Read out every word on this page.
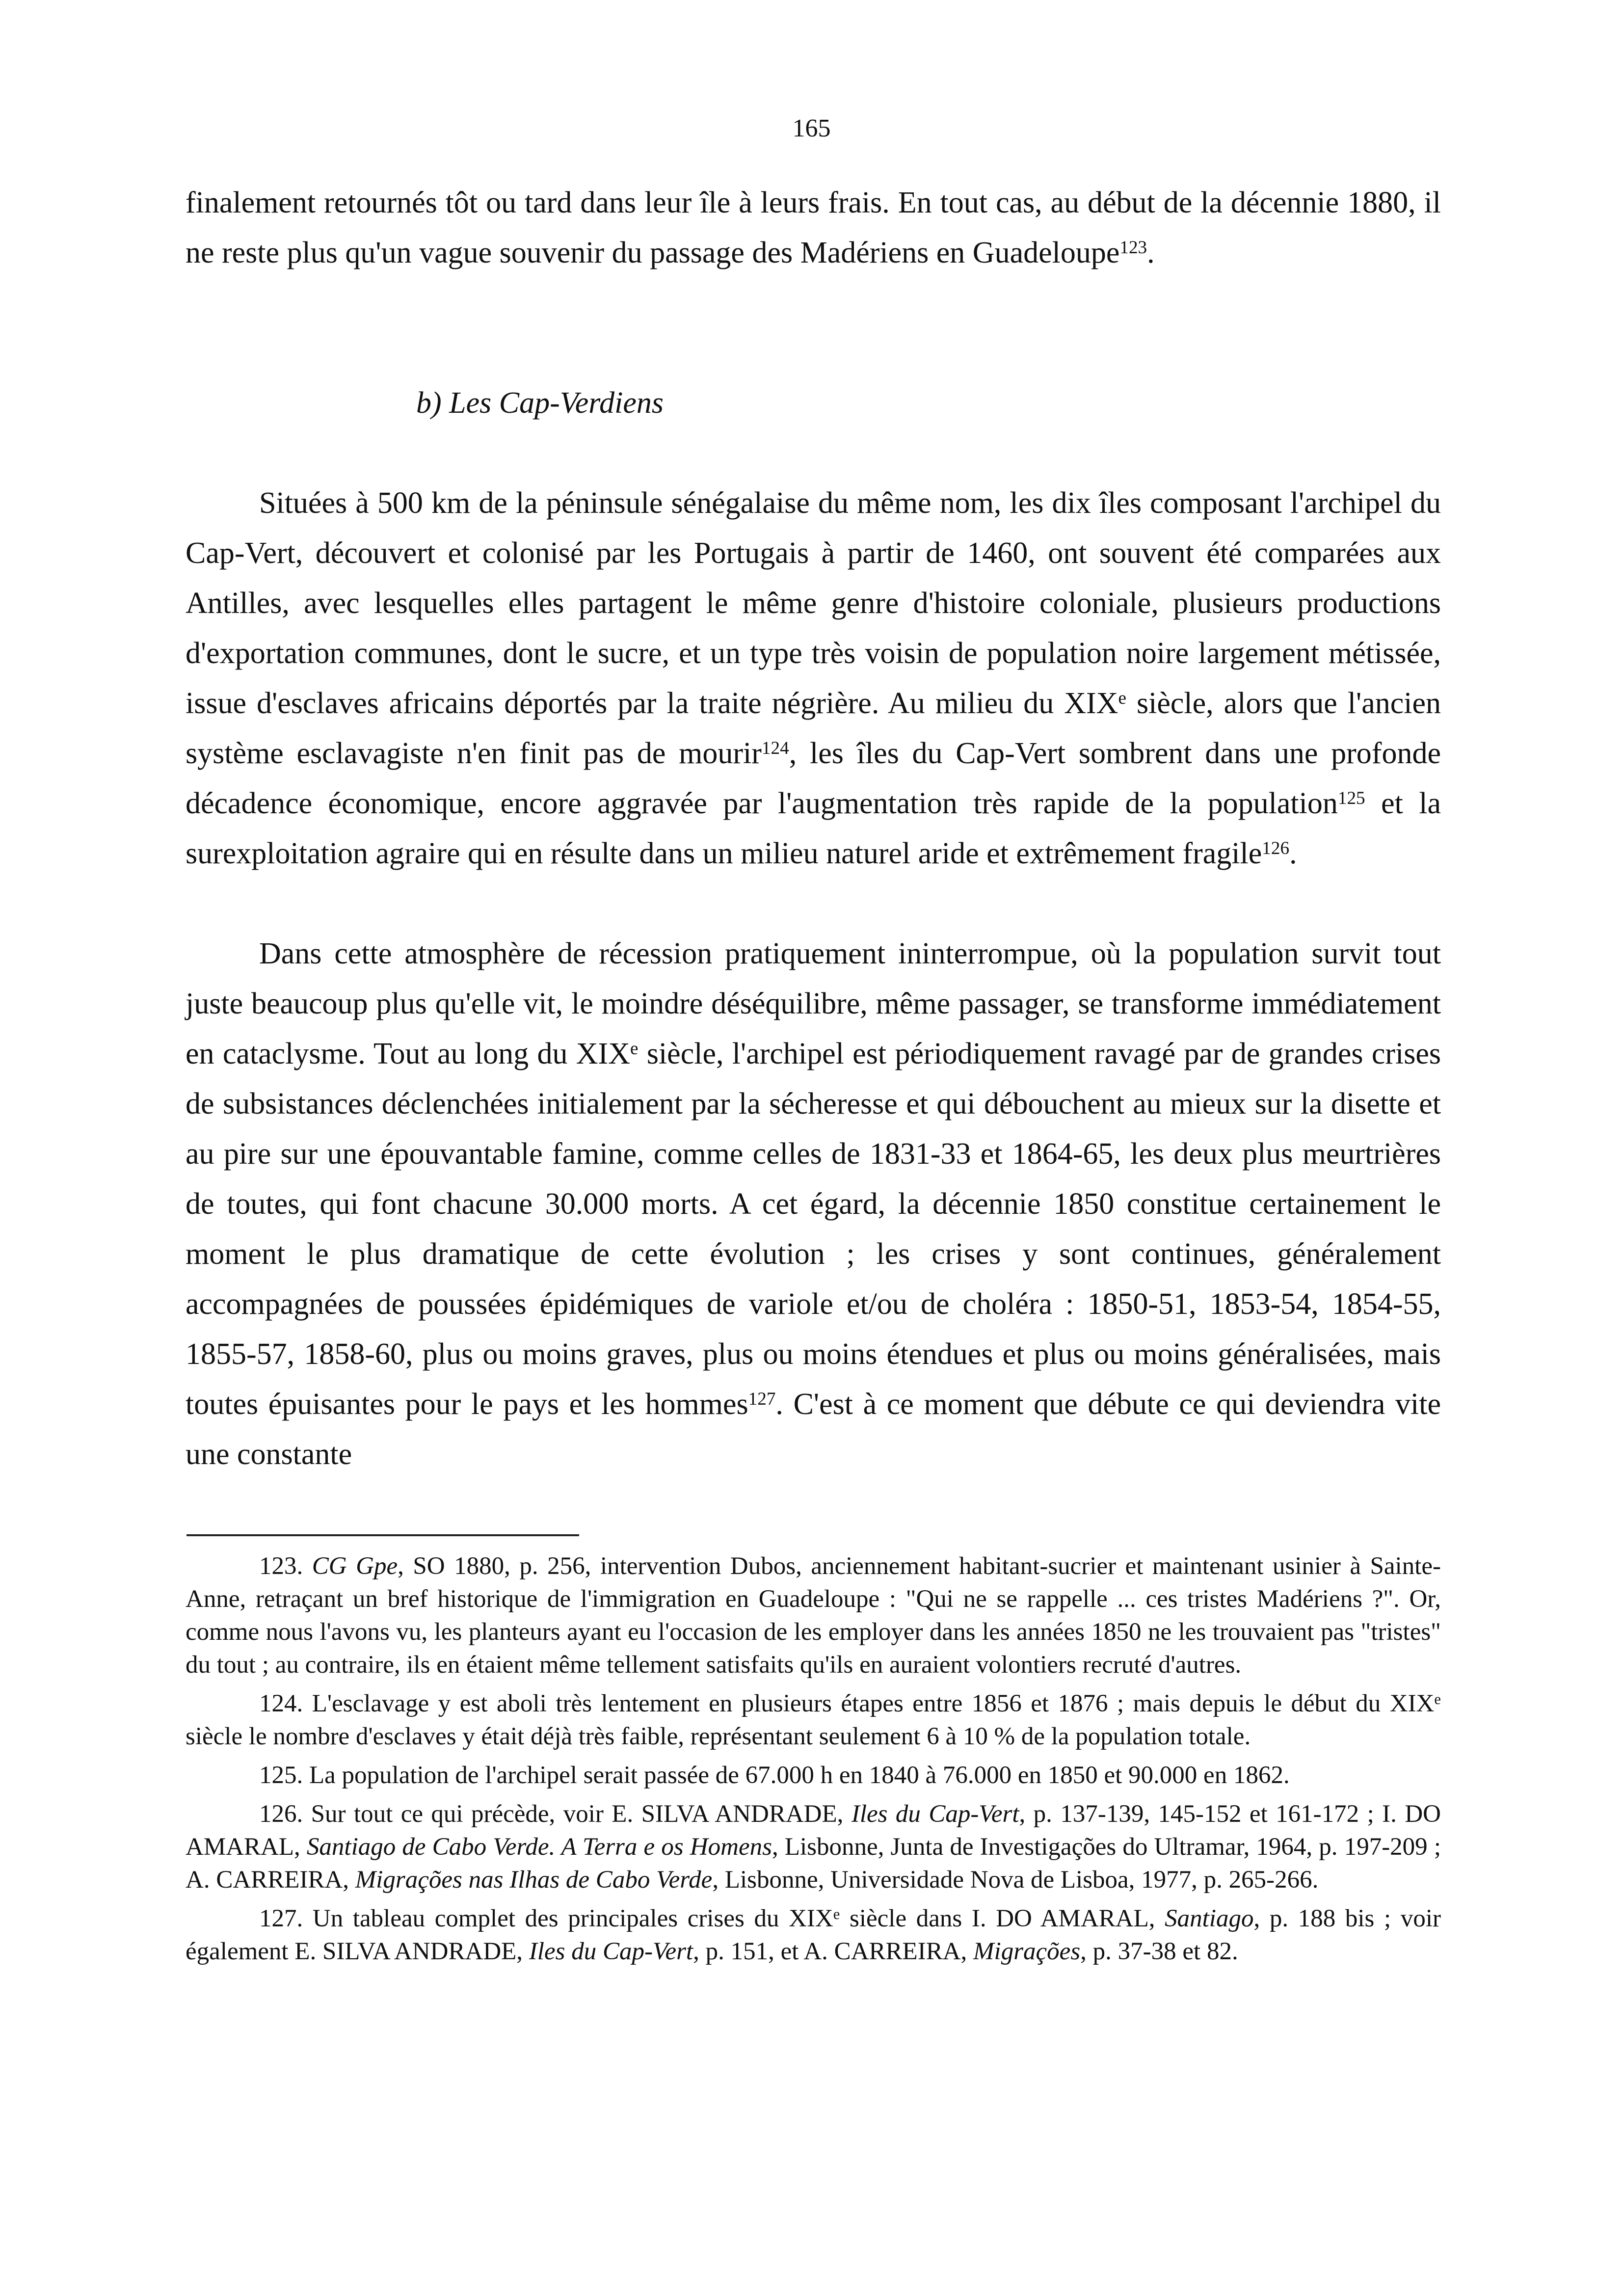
165

finalement retournés tôt ou tard dans leur île à leurs frais. En tout cas, au début de la décennie 1880, il ne reste plus qu'un vague souvenir du passage des Madériens en Guadeloupe$^{123}$.

b) Les Cap-Verdiens

Situées à 500 km de la péninsule sénégalaise du même nom, les dix îles composant l'archipel du Cap-Vert, découvert et colonisé par les Portugais à partir de 1460, ont souvent été comparées aux Antilles, avec lesquelles elles partagent le même genre d'histoire coloniale, plusieurs productions d'exportation communes, dont le sucre, et un type très voisin de population noire largement métissée, issue d'esclaves africains déportés par la traite négrière. Au milieu du XIXe siècle, alors que l'ancien système esclavagiste n'en finit pas de mourir$^{124}$, les îles du Cap-Vert sombrent dans une profonde décadence économique, encore aggravée par l'augmentation très rapide de la population$^{125}$ et la surexploitation agraire qui en résulte dans un milieu naturel aride et extrêmement fragile$^{126}$.

Dans cette atmosphère de récession pratiquement ininterrompue, où la population survit tout juste beaucoup plus qu'elle vit, le moindre déséquilibre, même passager, se transforme immédiatement en cataclysme. Tout au long du XIXe siècle, l'archipel est périodiquement ravagé par de grandes crises de subsistances déclenchées initialement par la sécheresse et qui débouchent au mieux sur la disette et au pire sur une épouvantable famine, comme celles de 1831-33 et 1864-65, les deux plus meurtrières de toutes, qui font chacune 30.000 morts. A cet égard, la décennie 1850 constitue certainement le moment le plus dramatique de cette évolution ; les crises y sont continues, généralement accompagnées de poussées épidémiques de variole et/ou de choléra : 1850-51, 1853-54, 1854-55, 1855-57, 1858-60, plus ou moins graves, plus ou moins étendues et plus ou moins généralisées, mais toutes épuisantes pour le pays et les hommes$^{127}$. C'est à ce moment que débute ce qui deviendra vite une constante

123. CG Gpe, SO 1880, p. 256, intervention Dubos, anciennement habitant-sucrier et maintenant usinier à Sainte-Anne, retraçant un bref historique de l'immigration en Guadeloupe : "Qui ne se rappelle ... ces tristes Madériens ?". Or, comme nous l'avons vu, les planteurs ayant eu l'occasion de les employer dans les années 1850 ne les trouvaient pas "tristes" du tout ; au contraire, ils en étaient même tellement satisfaits qu'ils en auraient volontiers recruté d'autres.

124. L'esclavage y est aboli très lentement en plusieurs étapes entre 1856 et 1876 ; mais depuis le début du XIXe siècle le nombre d'esclaves y était déjà très faible, représentant seulement 6 à 10 % de la population totale.

125. La population de l'archipel serait passée de 67.000 h en 1840 à 76.000 en 1850 et 90.000 en 1862.

126. Sur tout ce qui précède, voir E. SILVA ANDRADE, Iles du Cap-Vert, p. 137-139, 145-152 et 161-172 ; I. DO AMARAL, Santiago de Cabo Verde. A Terra e os Homens, Lisbonne, Junta de Investigações do Ultramar, 1964, p. 197-209 ; A. CARREIRA, Migrações nas Ilhas de Cabo Verde, Lisbonne, Universidade Nova de Lisboa, 1977, p. 265-266.

127. Un tableau complet des principales crises du XIXe siècle dans I. DO AMARAL, Santiago, p. 188 bis ; voir également E. SILVA ANDRADE, Iles du Cap-Vert, p. 151, et A. CARREIRA, Migrações, p. 37-38 et 82.
